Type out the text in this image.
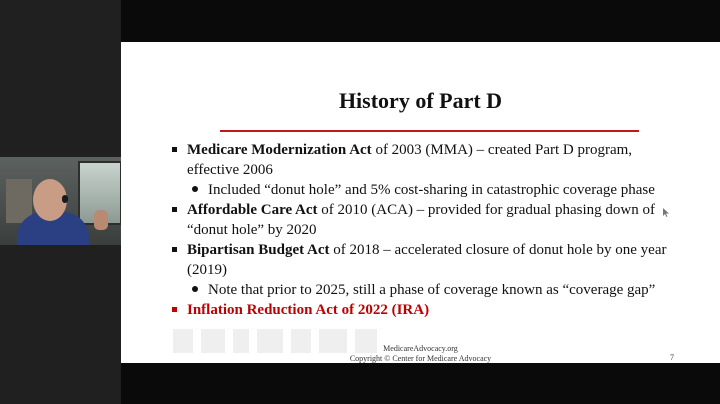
History of Part D

Medicare Modernization Act of 2003 (MMA) – created Part D program,
effective 2006

Included “donut hole” and 5% cost-sharing in catastrophic coverage phase

Affordable Care Act of 2010 (ACA) – provided for gradual phasing down of
“donut hole” by 2020

Bipartisan Budget Act of 2018 – accelerated closure of donut hole by one year
(2019)

Note that prior to 2025, still a phase of coverage known as “coverage gap”

Inflation Reduction Act of 2022 (IRA)

MedicareAdvocacy.org
Copyright © Center for Medicare Advocacy	7
